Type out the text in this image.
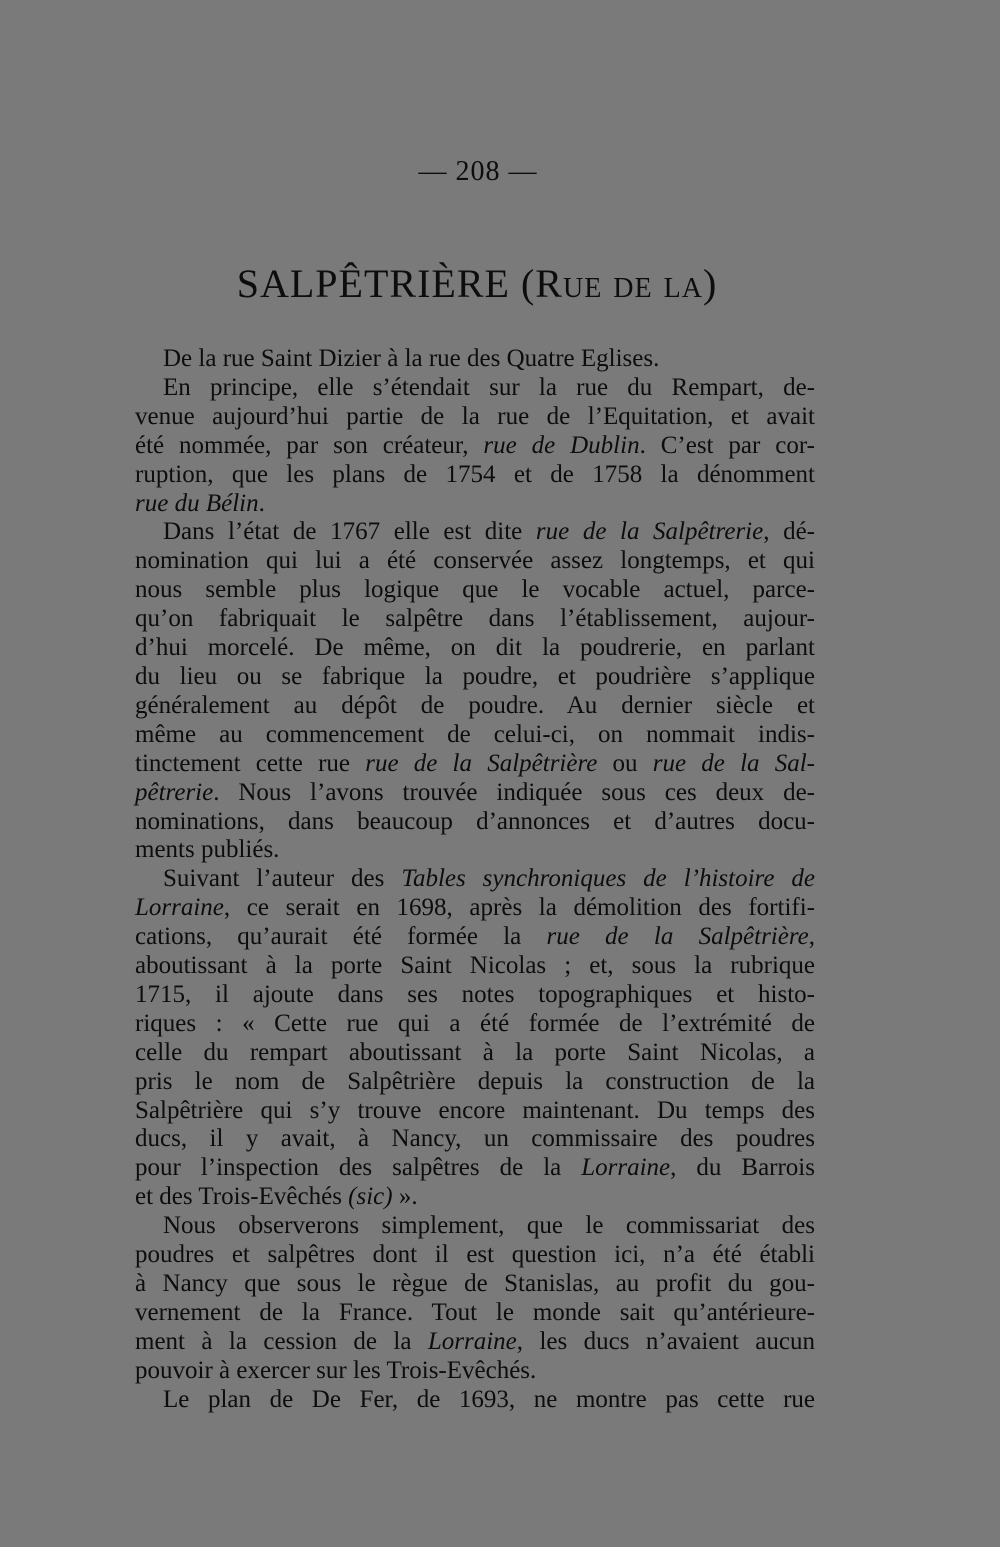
— 208 —
SALPÊTRIÈRE (Rue de la)
De la rue Saint Dizier à la rue des Quatre Eglises.
En principe, elle s’étendait sur la rue du Rempart, de-
venue aujourd’hui partie de la rue de l’Equitation, et avait
été nommée, par son créateur, rue de Dublin. C’est par cor-
ruption, que les plans de 1754 et de 1758 la dénomment
rue du Bélin.
Dans l’état de 1767 elle est dite rue de la Salpêtrerie, dé-
nomination qui lui a été conservée assez longtemps, et qui
nous semble plus logique que le vocable actuel, parce-
qu’on fabriquait le salpêtre dans l’établissement, aujour-
d’hui morcelé. De même, on dit la poudrerie, en parlant
du lieu ou se fabrique la poudre, et poudrière s’applique
généralement au dépôt de poudre. Au dernier siècle et
même au commencement de celui-ci, on nommait indis-
tinctement cette rue rue de la Salpêtrière ou rue de la Sal-
pêtrerie. Nous l’avons trouvée indiquée sous ces deux de-
nominations, dans beaucoup d’annonces et d’autres docu-
ments publiés.
Suivant l’auteur des Tables synchroniques de l’histoire de
Lorraine, ce serait en 1698, après la démolition des fortifi-
cations, qu’aurait été formée la rue de la Salpêtrière,
aboutissant à la porte Saint Nicolas ; et, sous la rubrique
1715, il ajoute dans ses notes topographiques et histo-
riques : « Cette rue qui a été formée de l’extrémité de
celle du rempart aboutissant à la porte Saint Nicolas, a
pris le nom de Salpêtrière depuis la construction de la
Salpêtrière qui s’y trouve encore maintenant. Du temps des
ducs, il y avait, à Nancy, un commissaire des poudres
pour l’inspection des salpêtres de la Lorraine, du Barrois
et des Trois-Evêchés (sic) ».
Nous observerons simplement, que le commissariat des
poudres et salpêtres dont il est question ici, n’a été établi
à Nancy que sous le règue de Stanislas, au profit du gou-
vernement de la France. Tout le monde sait qu’antérieure-
ment à la cession de la Lorraine, les ducs n’avaient aucun
pouvoir à exercer sur les Trois-Evêchés.
Le plan de De Fer, de 1693, ne montre pas cette rue
